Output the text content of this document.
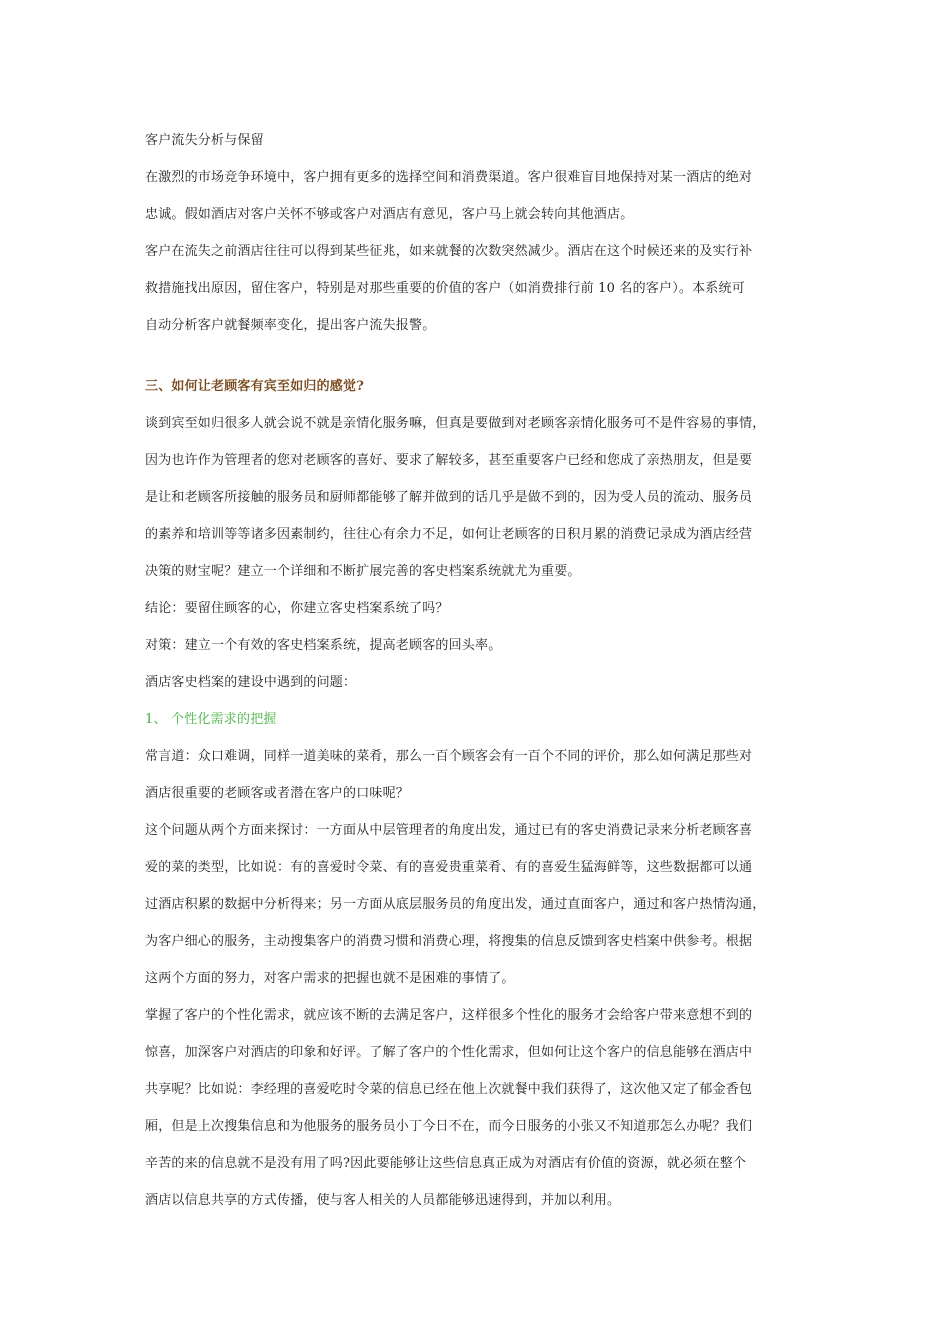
客户流失分析与保留
在激烈的市场竞争环境中，客户拥有更多的选择空间和消费渠道。客户很难盲目地保持对某一酒店的绝对
忠诚。假如酒店对客户关怀不够或客户对酒店有意见，客户马上就会转向其他酒店。
客户在流失之前酒店往往可以得到某些征兆，如来就餐的次数突然减少。酒店在这个时候还来的及实行补
救措施找出原因，留住客户，特别是对那些重要的价值的客户（如消费排行前 10 名的客户）。本系统可
自动分析客户就餐频率变化，提出客户流失报警。
三、如何让老顾客有宾至如归的感觉?
谈到宾至如归很多人就会说不就是亲情化服务嘛，但真是要做到对老顾客亲情化服务可不是件容易的事情，
因为也许作为管理者的您对老顾客的喜好、要求了解较多，甚至重要客户已经和您成了亲热朋友，但是要
是让和老顾客所接触的服务员和厨师都能够了解并做到的话几乎是做不到的，因为受人员的流动、服务员
的素养和培训等等诸多因素制约，往往心有余力不足，如何让老顾客的日积月累的消费记录成为酒店经营
决策的财宝呢？建立一个详细和不断扩展完善的客史档案系统就尤为重要。
结论：要留住顾客的心，你建立客史档案系统了吗？
对策：建立一个有效的客史档案系统，提高老顾客的回头率。
酒店客史档案的建设中遇到的问题：
1、 个性化需求的把握
常言道：众口难调，同样一道美味的菜肴，那么一百个顾客会有一百个不同的评价，那么如何满足那些对
酒店很重要的老顾客或者潜在客户的口味呢？
这个问题从两个方面来探讨：一方面从中层管理者的角度出发，通过已有的客史消费记录来分析老顾客喜
爱的菜的类型，比如说：有的喜爱时令菜、有的喜爱贵重菜肴、有的喜爱生猛海鲜等，这些数据都可以通
过酒店积累的数据中分析得来；另一方面从底层服务员的角度出发，通过直面客户，通过和客户热情沟通，
为客户细心的服务，主动搜集客户的消费习惯和消费心理，将搜集的信息反馈到客史档案中供参考。根据
这两个方面的努力，对客户需求的把握也就不是困难的事情了。
掌握了客户的个性化需求，就应该不断的去满足客户，这样很多个性化的服务才会给客户带来意想不到的
惊喜，加深客户对酒店的印象和好评。了解了客户的个性化需求，但如何让这个客户的信息能够在酒店中
共享呢？比如说：李经理的喜爱吃时令菜的信息已经在他上次就餐中我们获得了，这次他又定了郁金香包
厢，但是上次搜集信息和为他服务的服务员小丁今日不在，而今日服务的小张又不知道那怎么办呢？我们
辛苦的来的信息就不是没有用了吗?因此要能够让这些信息真正成为对酒店有价值的资源，就必须在整个
酒店以信息共享的方式传播，使与客人相关的人员都能够迅速得到，并加以利用。
